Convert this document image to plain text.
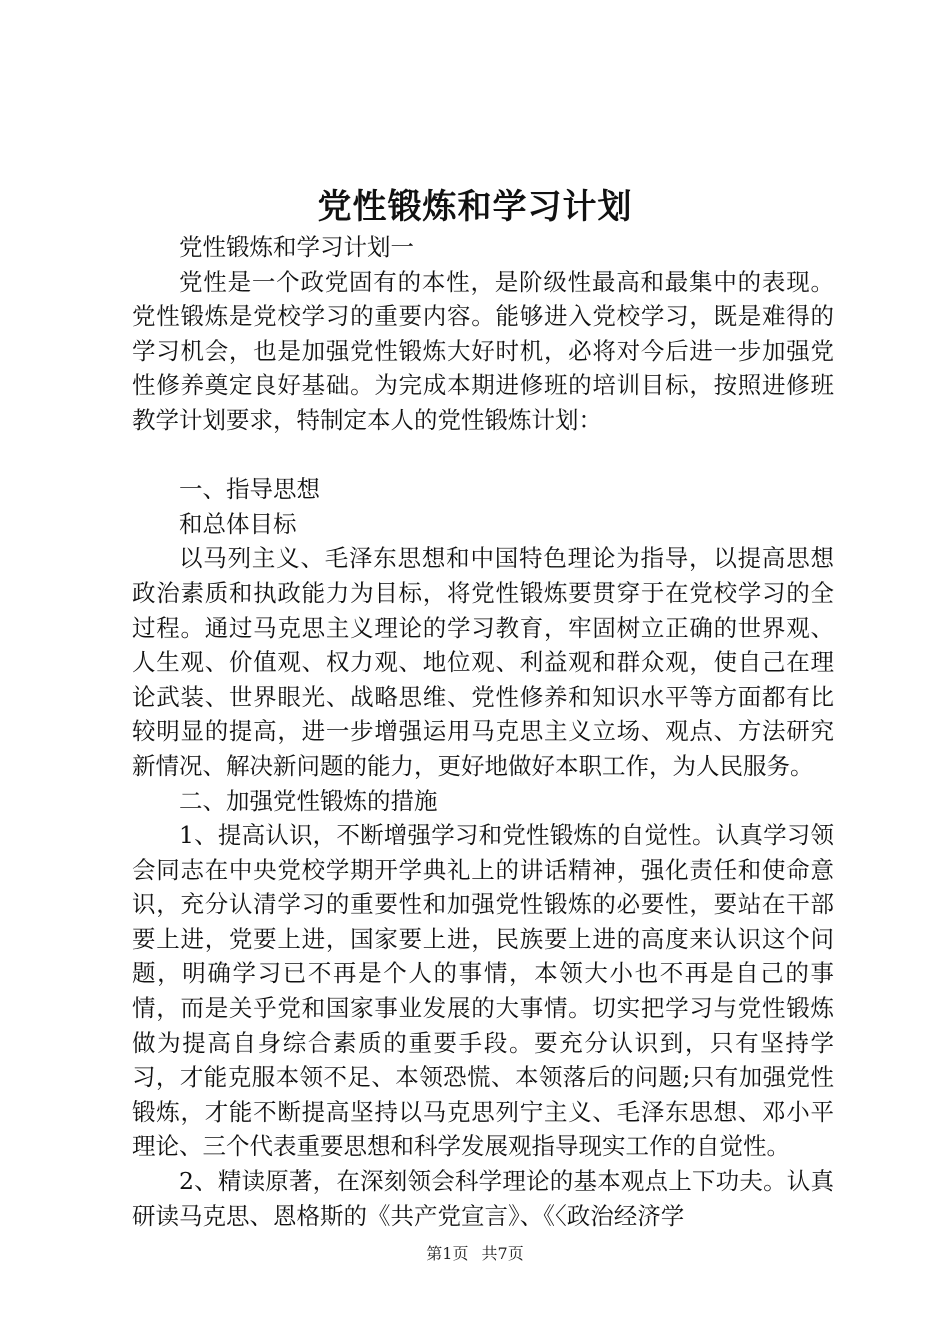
党性锻炼和学习计划

党性锻炼和学习计划一

党性是一个政党固有的本性，是阶级性最高和最集中的表现。党性锻炼是党校学习的重要内容。能够进入党校学习，既是难得的学习机会，也是加强党性锻炼大好时机，必将对今后进一步加强党性修养奠定良好基础。为完成本期进修班的培训目标，按照进修班教学计划要求，特制定本人的党性锻炼计划：

一、指导思想

和总体目标

以马列主义、毛泽东思想和中国特色理论为指导，以提高思想政治素质和执政能力为目标，将党性锻炼要贯穿于在党校学习的全过程。通过马克思主义理论的学习教育，牢固树立正确的世界观、人生观、价值观、权力观、地位观、利益观和群众观，使自己在理论武装、世界眼光、战略思维、党性修养和知识水平等方面都有比较明显的提高，进一步增强运用马克思主义立场、观点、方法研究新情况、解决新问题的能力，更好地做好本职工作，为人民服务。

二、加强党性锻炼的措施

1、提高认识，不断增强学习和党性锻炼的自觉性。认真学习领会同志在中央党校学期开学典礼上的讲话精神，强化责任和使命意识，充分认清学习的重要性和加强党性锻炼的必要性，要站在干部要上进，党要上进，国家要上进，民族要上进的高度来认识这个问题，明确学习已不再是个人的事情，本领大小也不再是自己的事情，而是关乎党和国家事业发展的大事情。切实把学习与党性锻炼做为提高自身综合素质的重要手段。要充分认识到，只有坚持学习，才能克服本领不足、本领恐慌、本领落后的问题;只有加强党性锻炼，才能不断提高坚持以马克思列宁主义、毛泽东思想、邓小平理论、三个代表重要思想和科学发展观指导现实工作的自觉性。

2、精读原著，在深刻领会科学理论的基本观点上下功夫。认真研读马克思、恩格斯的《共产党宣言》、《〈政治经济学

第1页 共7页
